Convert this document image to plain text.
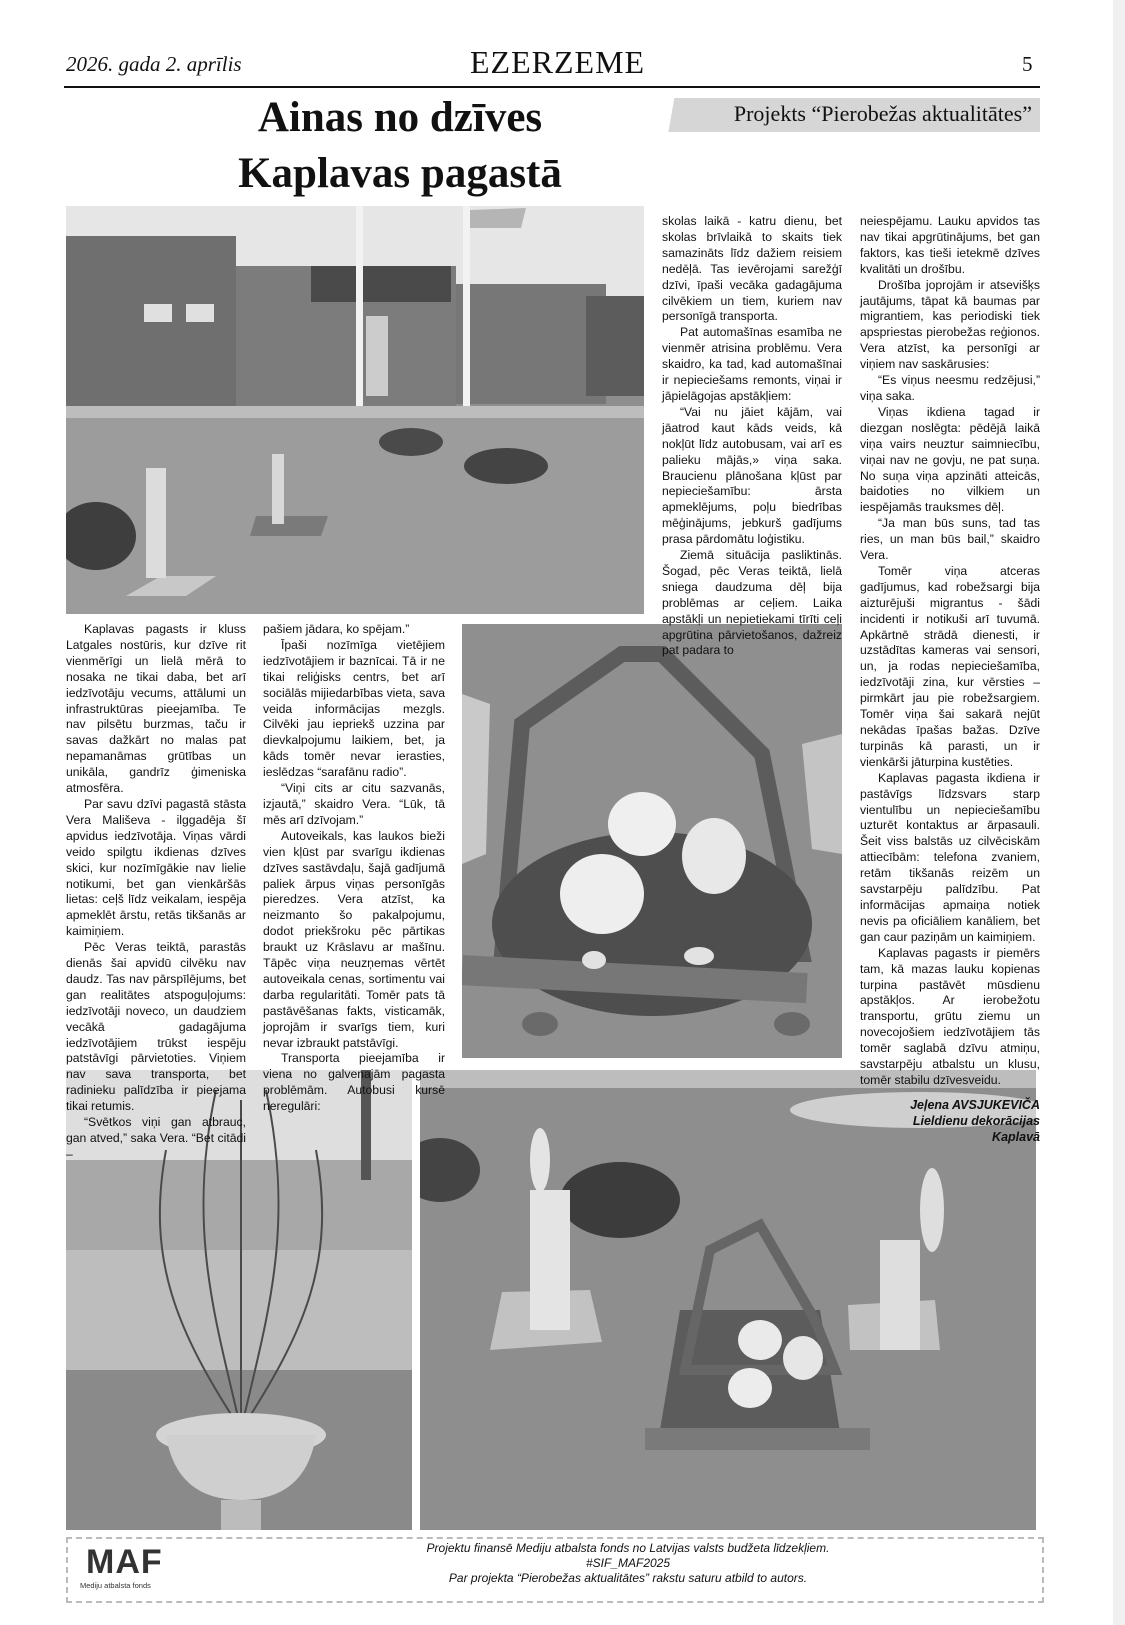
2026. gada 2. aprīlis	EZERZEME	5
Ainas no dzīves
Kaplavas pagastā
Projekts “Pierobežas aktualitātes”

skolas laikā - katru dienu, bet skolas brīvlaikā to skaits tiek samazināts līdz dažiem reisiem nedēļā. Tas ievērojami sarežģī dzīvi, īpaši vecāka gadagājuma cilvēkiem un tiem, kuriem nav personīgā transporta.

Pat automašīnas esamība ne vienmēr atrisina problēmu. Vera skaidro, ka tad, kad automašīnai ir nepieciešams remonts, viņai ir jāpielāgojas apstākļiem:

“Vai nu jāiet kājām, vai jāatrod kaut kāds veids, kā nokļūt līdz autobusam, vai arī es palieku mājās,» viņa saka. Braucienu plānošana kļūst par nepieciešamību: ārsta apmeklējums, poļu biedrības mēģinājums, jebkurš gadījums prasa pārdomātu loģistiku.

Ziemā situācija pasliktinās. Šogad, pēc Veras teiktā, lielā sniega daudzuma dēļ bija problēmas ar ceļiem. Laika apstākļi un nepietiekami tīrīti ceļi apgrūtina pārvietošanos, dažreiz pat padara to

neiespējamu. Lauku apvidos tas nav tikai apgrūtinājums, bet gan faktors, kas tieši ietekmē dzīves kvalitāti un drošību.

Drošība joprojām ir atsevišķs jautājums, tāpat kā baumas par migrantiem, kas periodiski tiek apspriestas pierobežas reģionos. Vera atzīst, ka personīgi ar viņiem nav saskārusies:

“Es viņus neesmu redzējusi,” viņa saka.

Viņas ikdiena tagad ir diezgan noslēgta: pēdējā laikā viņa vairs neuztur saimniecību, viņai nav ne govju, ne pat suņa. No suņa viņa apzināti atteicās, baidoties no vilkiem un iespējamās trauksmes dēļ.

“Ja man būs suns, tad tas ries, un man būs bail,” skaidro Vera.

Tomēr viņa atceras gadījumus, kad robežsargi bija aizturējuši migrantus - šādi incidenti ir notikuši arī tuvumā. Apkārtnē strādā dienesti, ir uzstādītas kameras vai sensori, un, ja rodas nepieciešamība, iedzīvotāji zina, kur vērsties – pirmkārt jau pie robežsargiem. Tomēr viņa šai sakarā nejūt nekādas īpašas bažas. Dzīve turpinās kā parasti, un ir vienkārši jāturpina kustēties.

Kaplavas pagasta ikdiena ir pastāvīgs līdzsvars starp vientulību un nepieciešamību uzturēt kontaktus ar ārpasauli. Šeit viss balstās uz cilvēciskām attiecībām: telefona zvaniem, retām tikšanās reizēm un savstarpēju palīdzību. Pat informācijas apmaiņa notiek nevis pa oficiāliem kanāliem, bet gan caur paziņām un kaimiņiem.

Kaplavas pagasts ir piemērs tam, kā mazas lauku kopienas turpina pastāvēt mūsdienu apstākļos. Ar ierobežotu transportu, grūtu ziemu un novecojošiem iedzīvotājiem tās tomēr saglabā dzīvu atmiņu, savstarpēju atbalstu un klusu, tomēr stabilu dzīvesveidu.

Jeļena AVSJUKEVIČA
Lieldienu dekorācijas
Kaplavā

Kaplavas pagasts ir kluss Latgales nostūris, kur dzīve rit vienmērīgi un lielā mērā to nosaka ne tikai daba, bet arī iedzīvotāju vecums, attālumi un infrastruktūras pieejamība. Te nav pilsētu burzmas, taču ir savas dažkārt no malas pat nepamanāmas grūtības un unikāla, gandrīz ģimeniska atmosfēra.

Par savu dzīvi pagastā stāsta Vera Mališeva - ilggadēja šī apvidus iedzīvotāja. Viņas vārdi veido spilgtu ikdienas dzīves skici, kur nozīmīgākie nav lielie notikumi, bet gan vienkāršās lietas: ceļš līdz veikalam, iespēja apmeklēt ārstu, retās tikšanās ar kaimiņiem.

Pēc Veras teiktā, parastās dienās šai apvidū cilvēku nav daudz. Tas nav pārspīlējums, bet gan realitātes atspoguļojums: iedzīvotāji noveco, un daudziem vecākā gadagājuma iedzīvotājiem trūkst iespēju patstāvīgi pārvietoties. Viņiem nav sava transporta, bet radinieku palīdzība ir pieejama tikai retumis.

“Svētkos viņi gan atbrauc, gan atved,” saka Vera. “Bet citādi –

pašiem jādara, ko spējam.”

Īpaši nozīmīga vietējiem iedzīvotājiem ir baznīcai. Tā ir ne tikai reliģisks centrs, bet arī sociālās mijiedarbības vieta, sava veida informācijas mezgls. Cilvēki jau iepriekš uzzina par dievkalpojumu laikiem, bet, ja kāds tomēr nevar ierasties, ieslēdzas “sarafānu radio”.

“Viņi cits ar citu sazvanās, izjautā,” skaidro Vera. “Lūk, tā mēs arī dzīvojam.”

Autoveikals, kas laukos bieži vien kļūst par svarīgu ikdienas dzīves sastāvdaļu, šajā gadījumā paliek ārpus viņas personīgās pieredzes. Vera atzīst, ka neizmanto šo pakalpojumu, dodot priekšroku pēc pārtikas braukt uz Krāslavu ar mašīnu. Tāpēc viņa neuzņemas vērtēt autoveikala cenas, sortimentu vai darba regularitāti. Tomēr pats tā pastāvēšanas fakts, visticamāk, joprojām ir svarīgs tiem, kuri nevar izbraukt patstāvīgi.

Transporta pieejamība ir viena no galvenajām pagasta problēmām. Autobusi kursē neregulāri:

MAF
Mediju atbalsta fonds
Projektu finansē Mediju atbalsta fonds no Latvijas valsts budžeta līdzekļiem.
#SIF_MAF2025
Par projekta “Pierobežas aktualitātes” rakstu saturu atbild to autors.
